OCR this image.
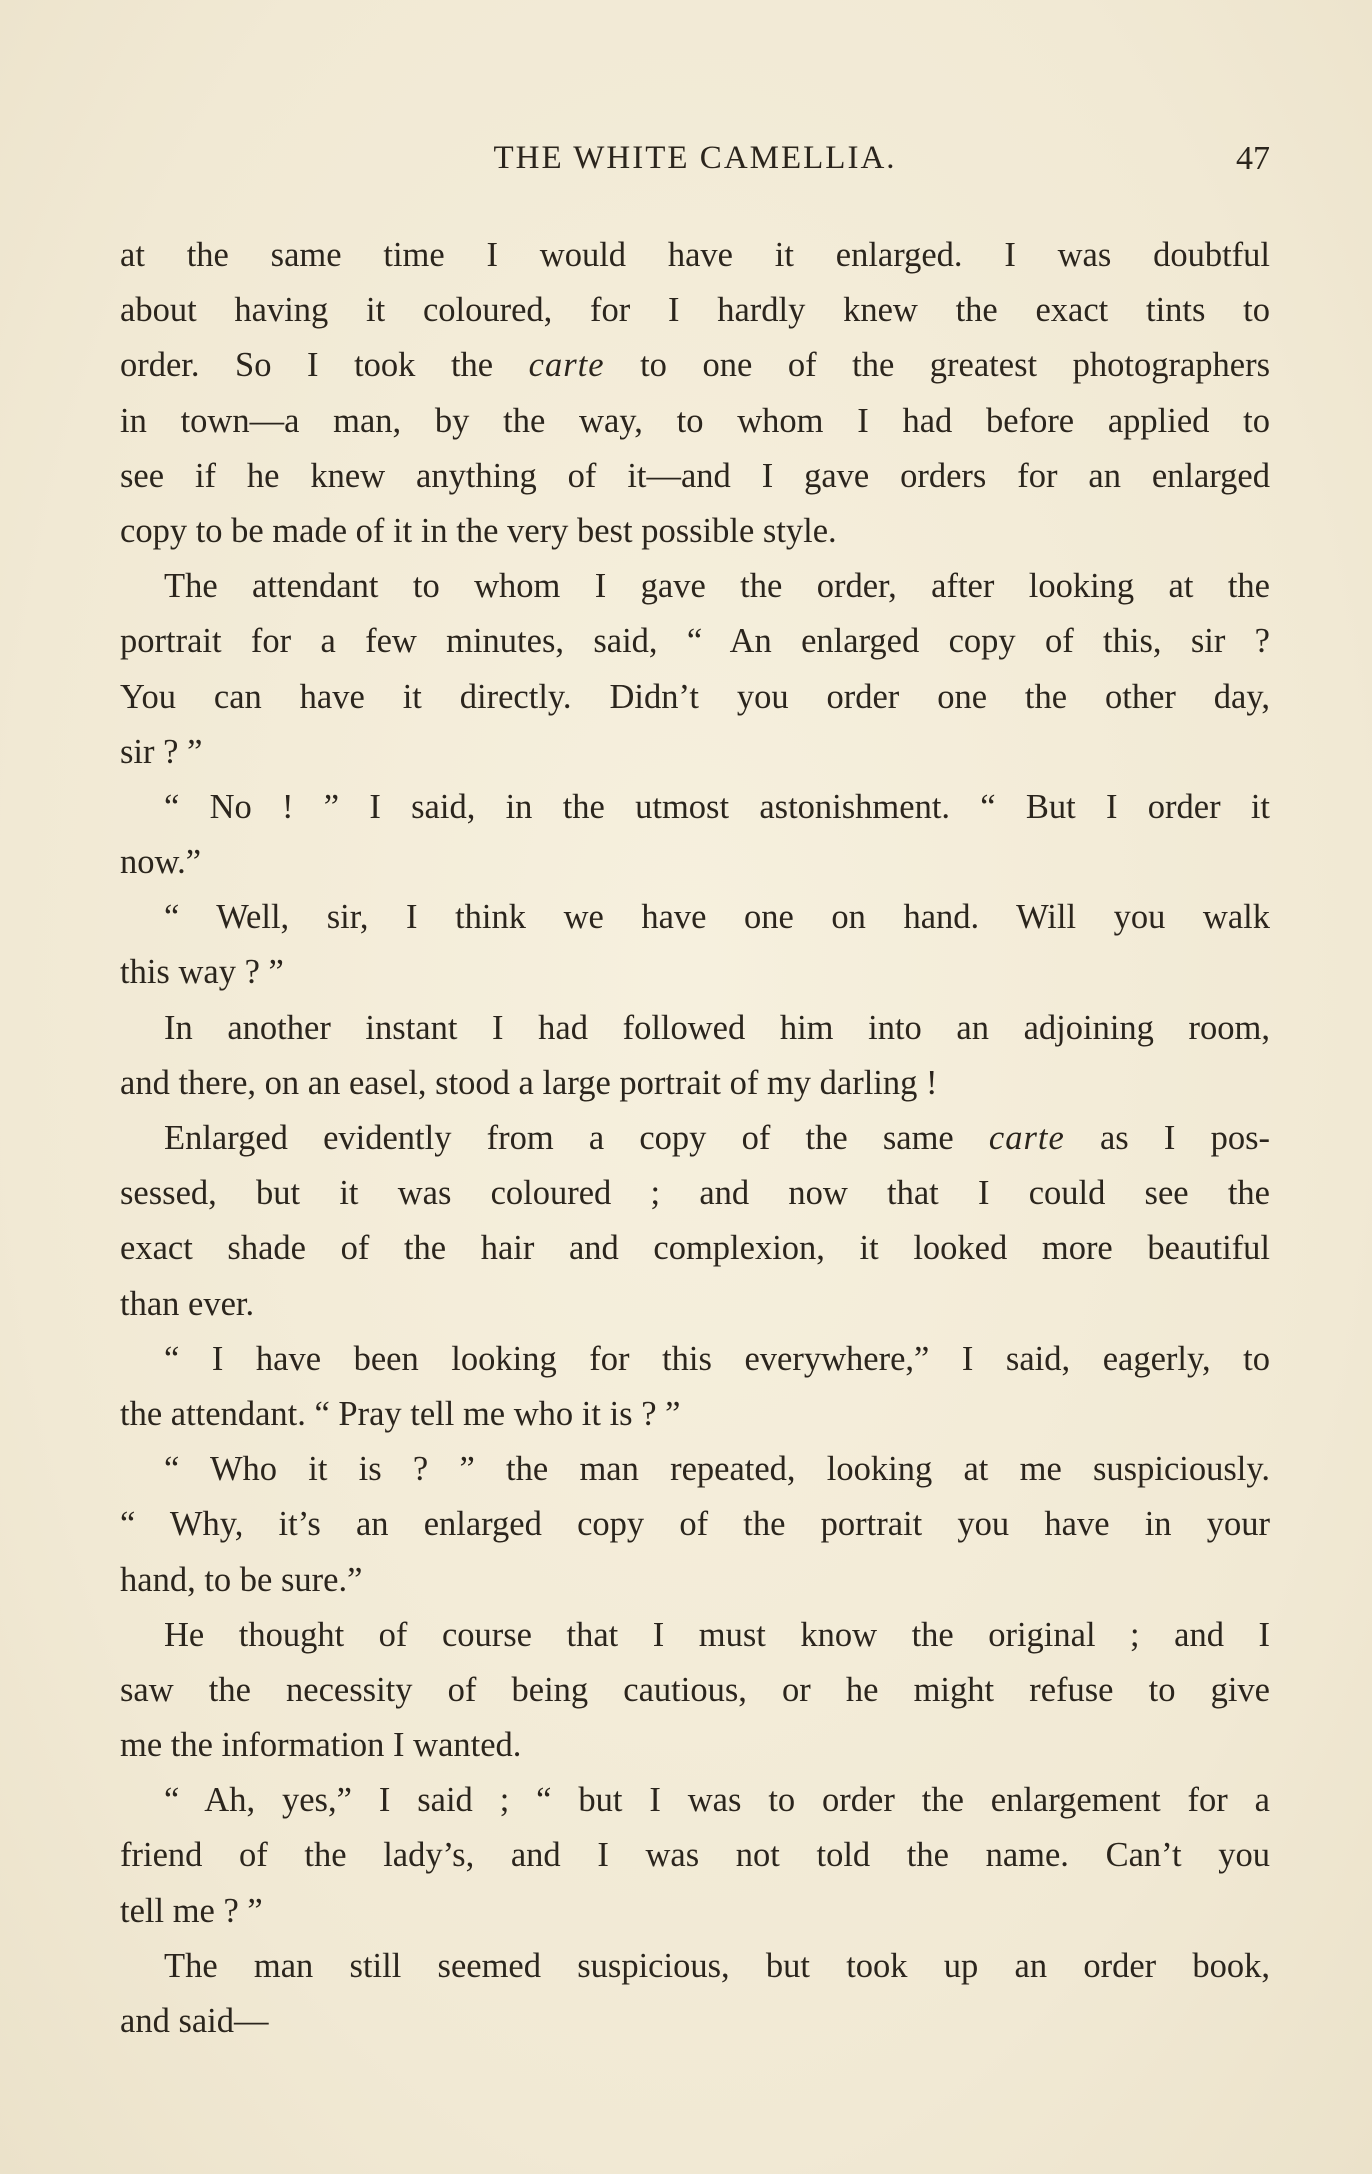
THE WHITE CAMELLIA.	47
at the same time I would have it enlarged. I was doubtful
about having it coloured, for I hardly knew the exact tints to
order. So I took the carte to one of the greatest photographers
in town—a man, by the way, to whom I had before applied to
see if he knew anything of it—and I gave orders for an enlarged
copy to be made of it in the very best possible style.
The attendant to whom I gave the order, after looking at the
portrait for a few minutes, said, “ An enlarged copy of this, sir ?
You can have it directly. Didn’t you order one the other day,
sir ? ”
“ No ! ” I said, in the utmost astonishment. “ But I order it
now.”
“ Well, sir, I think we have one on hand. Will you walk
this way ? ”
In another instant I had followed him into an adjoining room,
and there, on an easel, stood a large portrait of my darling !
Enlarged evidently from a copy of the same carte as I pos-
sessed, but it was coloured ; and now that I could see the
exact shade of the hair and complexion, it looked more beautiful
than ever.
“ I have been looking for this everywhere,” I said, eagerly, to
the attendant. “ Pray tell me who it is ? ”
“ Who it is ? ” the man repeated, looking at me suspiciously.
“ Why, it’s an enlarged copy of the portrait you have in your
hand, to be sure.”
He thought of course that I must know the original ; and I
saw the necessity of being cautious, or he might refuse to give
me the information I wanted.
“ Ah, yes,” I said ; “ but I was to order the enlargement for a
friend of the lady’s, and I was not told the name. Can’t you
tell me ? ”
The man still seemed suspicious, but took up an order book,
and said—
